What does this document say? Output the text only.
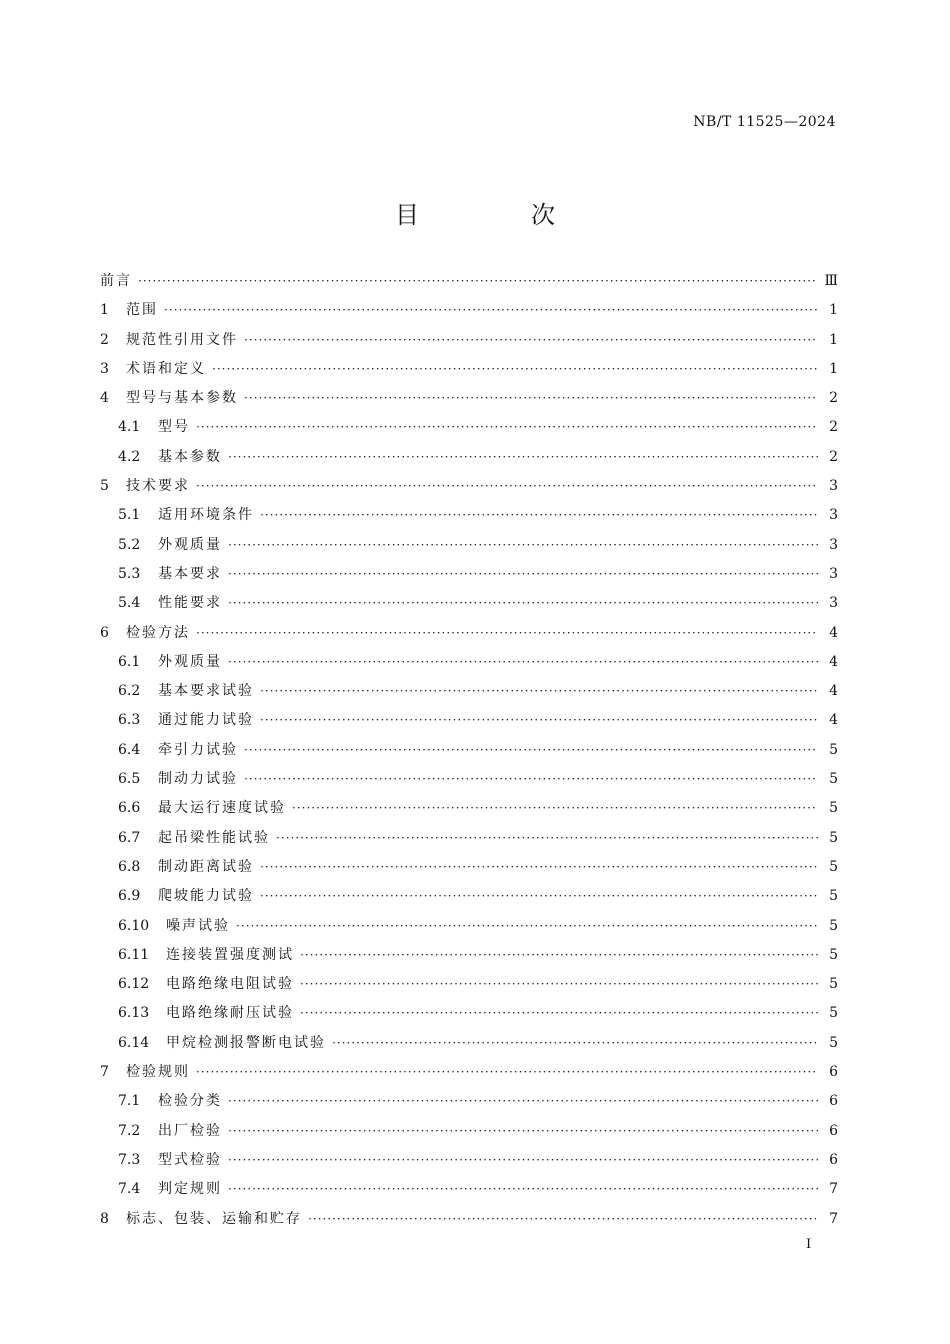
NB/T 11525—2024
目　次
前言 ·····	Ⅲ
1	范围 ·····	1
2	规范性引用文件 ·····	1
3	术语和定义 ·····	1
4	型号与基本参数 ·····	2
4.1	型号 ·····	2
4.2	基本参数 ·····	2
5	技术要求 ·····	3
5.1	适用环境条件 ·····	3
5.2	外观质量 ·····	3
5.3	基本要求 ·····	3
5.4	性能要求 ·····	3
6	检验方法 ·····	4
6.1	外观质量 ·····	4
6.2	基本要求试验 ·····	4
6.3	通过能力试验 ·····	4
6.4	牵引力试验 ·····	5
6.5	制动力试验 ·····	5
6.6	最大运行速度试验 ·····	5
6.7	起吊梁性能试验 ·····	5
6.8	制动距离试验 ·····	5
6.9	爬坡能力试验 ·····	5
6.10	噪声试验 ·····	5
6.11	连接装置强度测试 ·····	5
6.12	电路绝缘电阻试验 ·····	5
6.13	电路绝缘耐压试验 ·····	5
6.14	甲烷检测报警断电试验 ·····	5
7	检验规则 ·····	6
7.1	检验分类 ·····	6
7.2	出厂检验 ·····	6
7.3	型式检验 ·····	6
7.4	判定规则 ·····	7
8	标志、包装、运输和贮存 ·····	7
Ⅰ
